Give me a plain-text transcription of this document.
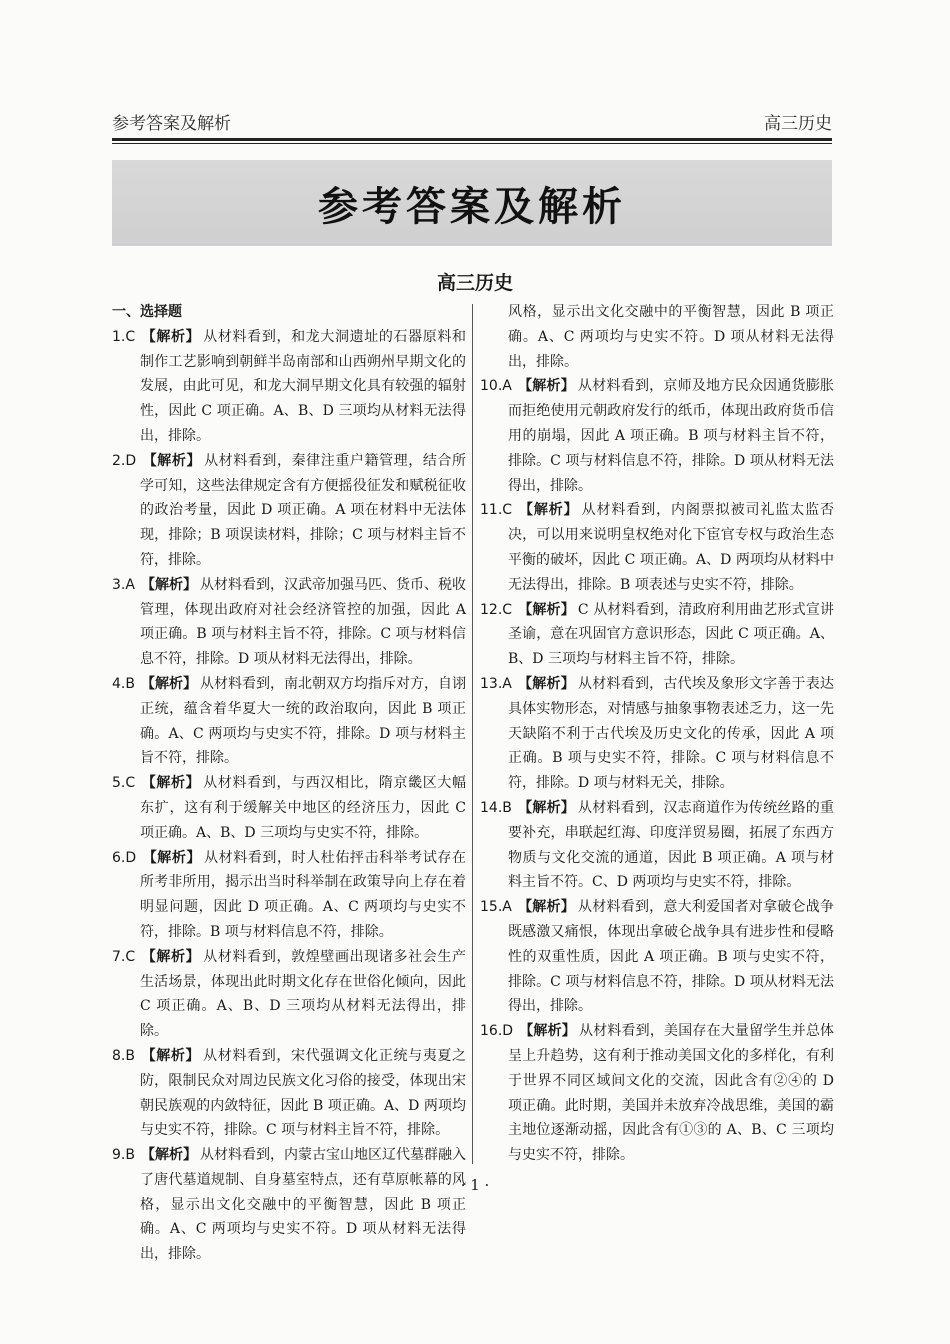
参考答案及解析	高三历史
参考答案及解析
高三历史
一、选择题
1.C 【解析】 从材料看到，和龙大洞遗址的石器原料和制作工艺影响到朝鲜半岛南部和山西朔州早期文化的发展，由此可见，和龙大洞早期文化具有较强的辐射性，因此 C 项正确。A、B、D 三项均从材料无法得出，排除。
2.D 【解析】 从材料看到，秦律注重户籍管理，结合所学可知，这些法律规定含有方便摇役征发和赋税征收的政治考量，因此 D 项正确。A 项在材料中无法体现，排除；B 项误读材料，排除；C 项与材料主旨不符，排除。
3.A 【解析】 从材料看到，汉武帝加强马匹、货币、税收管理，体现出政府对社会经济管控的加强，因此 A 项正确。B 项与材料主旨不符，排除。C 项与材料信息不符，排除。D 项从材料无法得出，排除。
4.B 【解析】 从材料看到，南北朝双方均指斥对方，自诩正统，蕴含着华夏大一统的政治取向，因此 B 项正确。A、C 两项均与史实不符，排除。D 项与材料主旨不符，排除。
5.C 【解析】 从材料看到，与西汉相比，隋京畿区大幅东扩，这有利于缓解关中地区的经济压力，因此 C 项正确。A、B、D 三项均与史实不符，排除。
6.D 【解析】 从材料看到，时人杜佑抨击科举考试存在所考非所用，揭示出当时科举制在政策导向上存在着明显问题，因此 D 项正确。A、C 两项均与史实不符，排除。B 项与材料信息不符，排除。
7.C 【解析】 从材料看到，敦煌壁画出现诸多社会生产生活场景，体现出此时期文化存在世俗化倾向，因此 C 项正确。A、B、D 三项均从材料无法得出，排除。
8.B 【解析】 从材料看到，宋代强调文化正统与夷夏之防，限制民众对周边民族文化习俗的接受，体现出宋朝民族观的内敛特征，因此 B 项正确。A、D 两项均与史实不符，排除。C 项与材料主旨不符，排除。
9.B 【解析】 从材料看到，内蒙古宝山地区辽代墓群融入了唐代墓道规制、自身墓室特点，还有草原帐幕的风格，显示出文化交融中的平衡智慧，因此 B 项正确。A、C 两项均与史实不符。D 项从材料无法得出，排除。
风格，显示出文化交融中的平衡智慧，因此 B 项正确。A、C 两项均与史实不符。D 项从材料无法得出，排除。
10.A 【解析】 从材料看到，京师及地方民众因通货膨胀而拒绝使用元朝政府发行的纸币，体现出政府货币信用的崩塌，因此 A 项正确。B 项与材料主旨不符，排除。C 项与材料信息不符，排除。D 项从材料无法得出，排除。
11.C 【解析】 从材料看到，内阁票拟被司礼监太监否决，可以用来说明皇权绝对化下宦官专权与政治生态平衡的破坏，因此 C 项正确。A、D 两项均从材料中无法得出，排除。B 项表述与史实不符，排除。
12.C 【解析】 C 从材料看到，清政府利用曲艺形式宣讲圣谕，意在巩固官方意识形态，因此 C 项正确。A、B、D 三项均与材料主旨不符，排除。
13.A 【解析】 从材料看到，古代埃及象形文字善于表达具体实物形态，对情感与抽象事物表述乏力，这一先天缺陷不利于古代埃及历史文化的传承，因此 A 项正确。B 项与史实不符，排除。C 项与材料信息不符，排除。D 项与材料无关，排除。
14.B 【解析】 从材料看到，汉志商道作为传统丝路的重要补充，串联起红海、印度洋贸易圈，拓展了东西方物质与文化交流的通道，因此 B 项正确。A 项与材料主旨不符。C、D 两项均与史实不符，排除。
15.A 【解析】 从材料看到，意大利爱国者对拿破仑战争既感激又痛恨，体现出拿破仑战争具有进步性和侵略性的双重性质，因此 A 项正确。B 项与史实不符，排除。C 项与材料信息不符，排除。D 项从材料无法得出，排除。
16.D 【解析】 从材料看到，美国存在大量留学生并总体呈上升趋势，这有利于推动美国文化的多样化，有利于世界不同区域间文化的交流，因此含有②④的 D 项正确。此时期，美国并未放弃冷战思维，美国的霸主地位逐渐动摇，因此含有①③的 A、B、C 三项均与史实不符，排除。
· 1 ·
